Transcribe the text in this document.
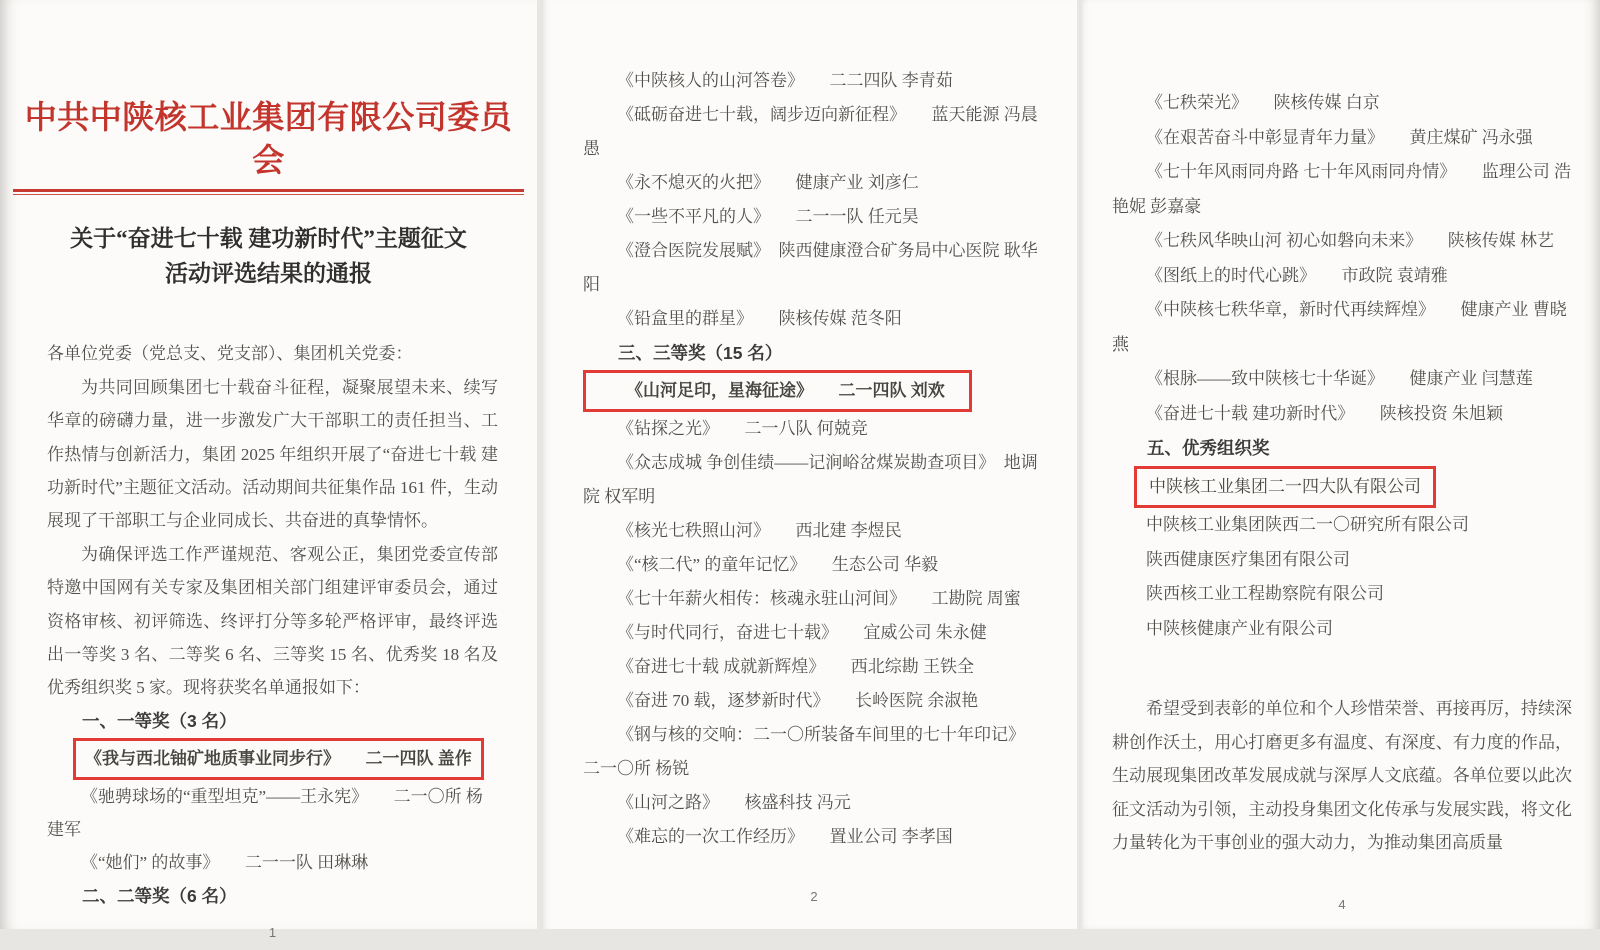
中共中陕核工业集团有限公司委员会
关于“奋进七十载 建功新时代”主题征文
活动评选结果的通报

各单位党委（党总支、党支部）、集团机关党委：

为共同回顾集团七十载奋斗征程，凝聚展望未来、续写华章的磅礴力量，进一步激发广大干部职工的责任担当、工作热情与创新活力，集团 2025 年组织开展了“奋进七十载 建功新时代”主题征文活动。活动期间共征集作品 161 件，生动展现了干部职工与企业同成长、共奋进的真挚情怀。

为确保评选工作严谨规范、客观公正，集团党委宣传部特邀中国网有关专家及集团相关部门组建评审委员会，通过资格审核、初评筛选、终评打分等多轮严格评审，最终评选出一等奖 3 名、二等奖 6 名、三等奖 15 名、优秀奖 18 名及优秀组织奖 5 家。现将获奖名单通报如下：

一、一等奖（3 名）

《我与西北铀矿地质事业同步行》　　二一四队 盖作
《驰骋球场的“重型坦克”——王永宪》　　二一〇所 杨建军
《“她们” 的故事》　　二一一队 田琳琳

二、二等奖（6 名）

1
《中陕核人的山河答卷》　　二二四队 李青茹
《砥砺奋进七十载，阔步迈向新征程》　　蓝天能源 冯晨愚
《永不熄灭的火把》　　健康产业 刘彦仁
《一些不平凡的人》　　二一一队 任元昊
《澄合医院发展赋》　陕西健康澄合矿务局中心医院 耿华阳
《铅盒里的群星》　　陕核传媒 范冬阳

三、三等奖（15 名）

《山河足印，星海征途》　　二一四队 刘欢
《钻探之光》　　二一八队 何兢竞
《众志成城 争创佳绩——记涧峪岔煤炭勘查项目》　地调院 权军明
《核光七秩照山河》　　西北建 李煜民
《“核二代” 的童年记忆》　　生态公司 华毅
《七十年薪火相传：核魂永驻山河间》　　工勘院 周蜜
《与时代同行，奋进七十载》　　宜威公司 朱永健
《奋进七十载 成就新辉煌》　　西北综勘 王铁全
《奋进 70 载，逐梦新时代》　　长岭医院 余淑艳
《钢与核的交响：二一〇所装备车间里的七十年印记》　二一〇所 杨锐
《山河之路》　　核盛科技 冯元
《难忘的一次工作经历》　　置业公司 李孝国
2
《七秩荣光》　　陕核传媒 白京
《在艰苦奋斗中彰显青年力量》　　黄庄煤矿 冯永强
《七十年风雨同舟路 七十年风雨同舟情》　　监理公司 浩艳妮 彭嘉豪
《七秩风华映山河 初心如磐向未来》　　陕核传媒 林艺
《图纸上的时代心跳》　　市政院 袁靖雅
《中陕核七秩华章，新时代再续辉煌》　　健康产业 曹晓燕
《根脉——致中陕核七十华诞》　　健康产业 闫慧莲
《奋进七十载 建功新时代》　　陕核投资 朱旭颖

五、优秀组织奖

中陕核工业集团二一四大队有限公司
中陕核工业集团陕西二一〇研究所有限公司
陕西健康医疗集团有限公司
陕西核工业工程勘察院有限公司
中陕核健康产业有限公司

希望受到表彰的单位和个人珍惜荣誉、再接再厉，持续深耕创作沃土，用心打磨更多有温度、有深度、有力度的作品，生动展现集团改革发展成就与深厚人文底蕴。各单位要以此次征文活动为引领，主动投身集团文化传承与发展实践，将文化力量转化为干事创业的强大动力，为推动集团高质量

4
